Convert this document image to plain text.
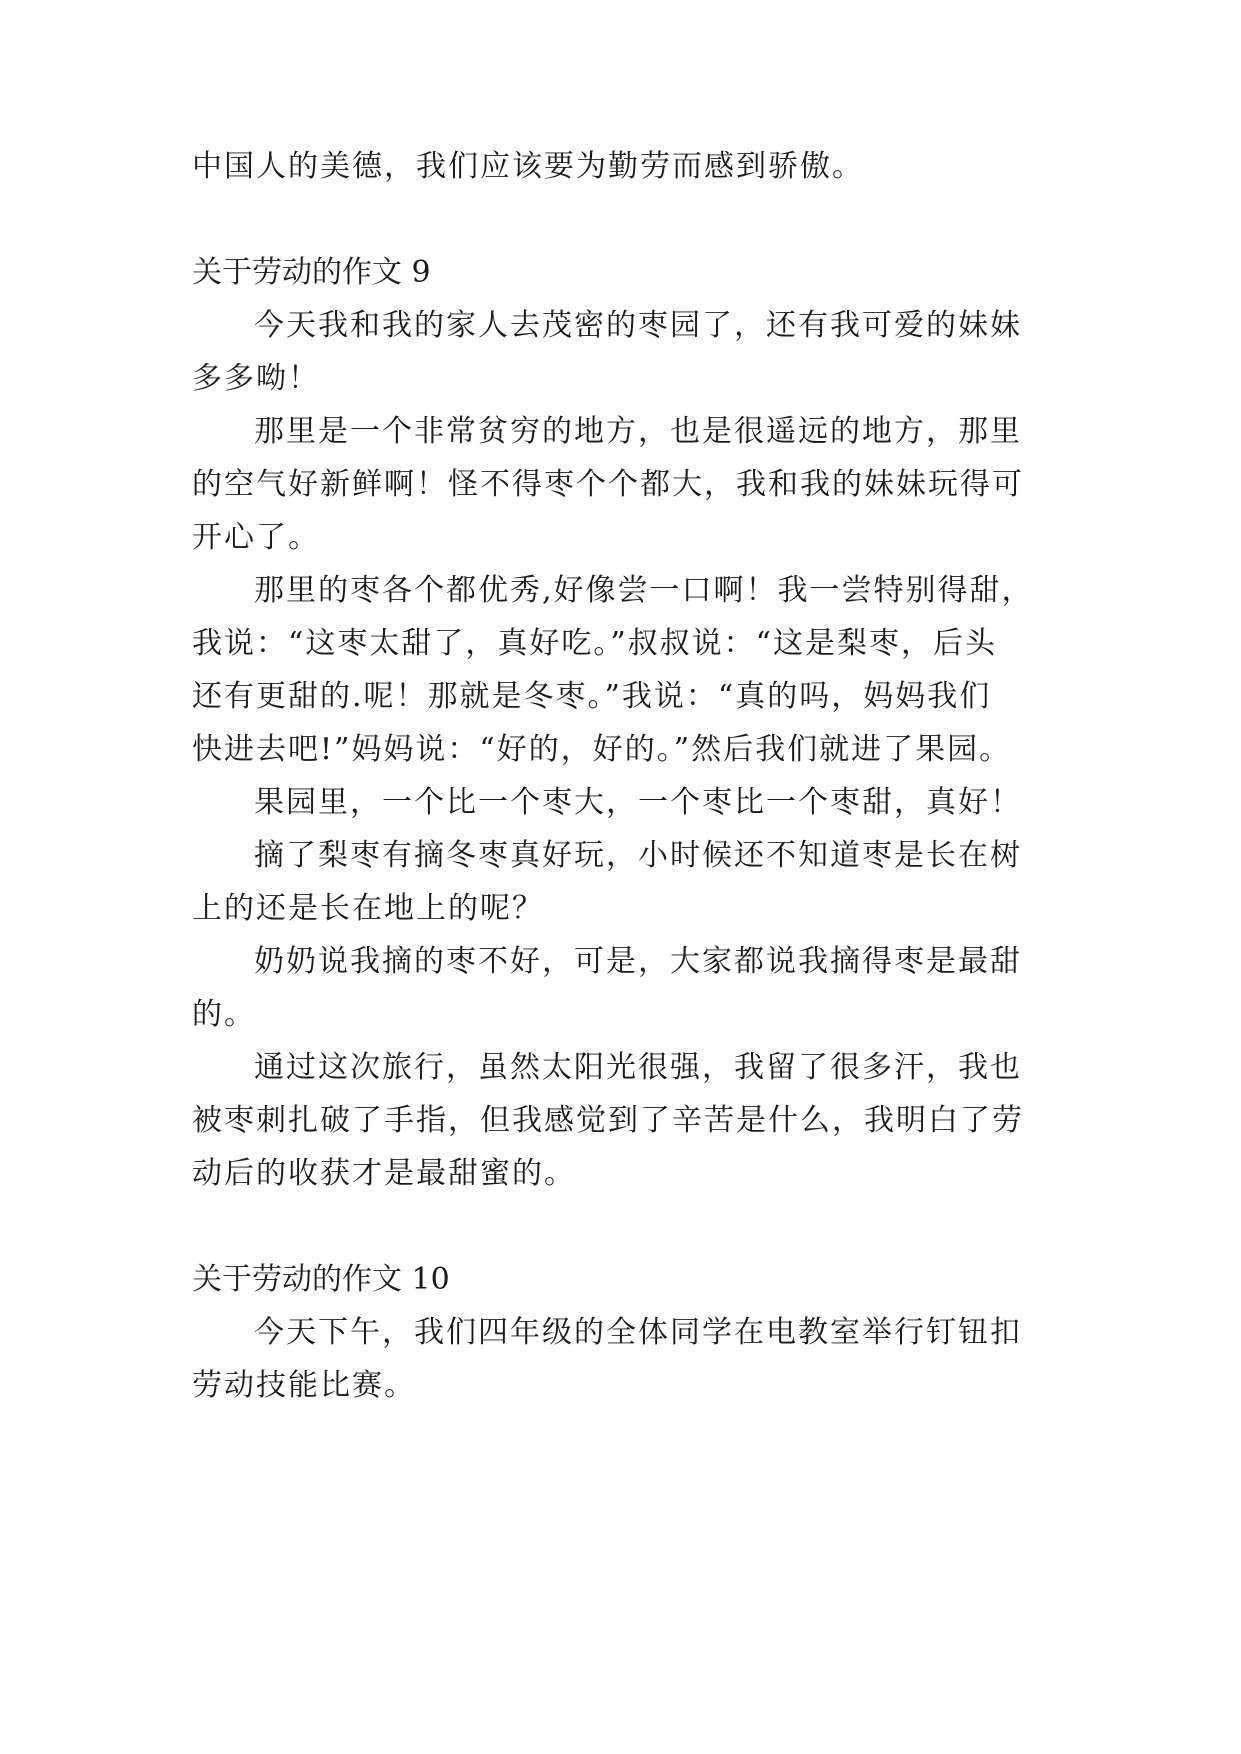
中国人的美德，我们应该要为勤劳而感到骄傲。
关于劳动的作文 9
今天我和我的家人去茂密的枣园了，还有我可爱的妹妹
多多呦！
那里是一个非常贫穷的地方，也是很遥远的地方，那里
的空气好新鲜啊！怪不得枣个个都大，我和我的妹妹玩得可
开心了。
那里的枣各个都优秀,好像尝一口啊！我一尝特别得甜，
我说：“这枣太甜了，真好吃。”叔叔说：“这是梨枣，后头
还有更甜的.呢！那就是冬枣。”我说：“真的吗，妈妈我们
快进去吧!”妈妈说：“好的，好的。”然后我们就进了果园。
果园里，一个比一个枣大，一个枣比一个枣甜，真好！
摘了梨枣有摘冬枣真好玩，小时候还不知道枣是长在树
上的还是长在地上的呢？
奶奶说我摘的枣不好，可是，大家都说我摘得枣是最甜
的。
通过这次旅行，虽然太阳光很强，我留了很多汗，我也
被枣刺扎破了手指，但我感觉到了辛苦是什么，我明白了劳
动后的收获才是最甜蜜的。
关于劳动的作文 10
今天下午，我们四年级的全体同学在电教室举行钉钮扣
劳动技能比赛。
